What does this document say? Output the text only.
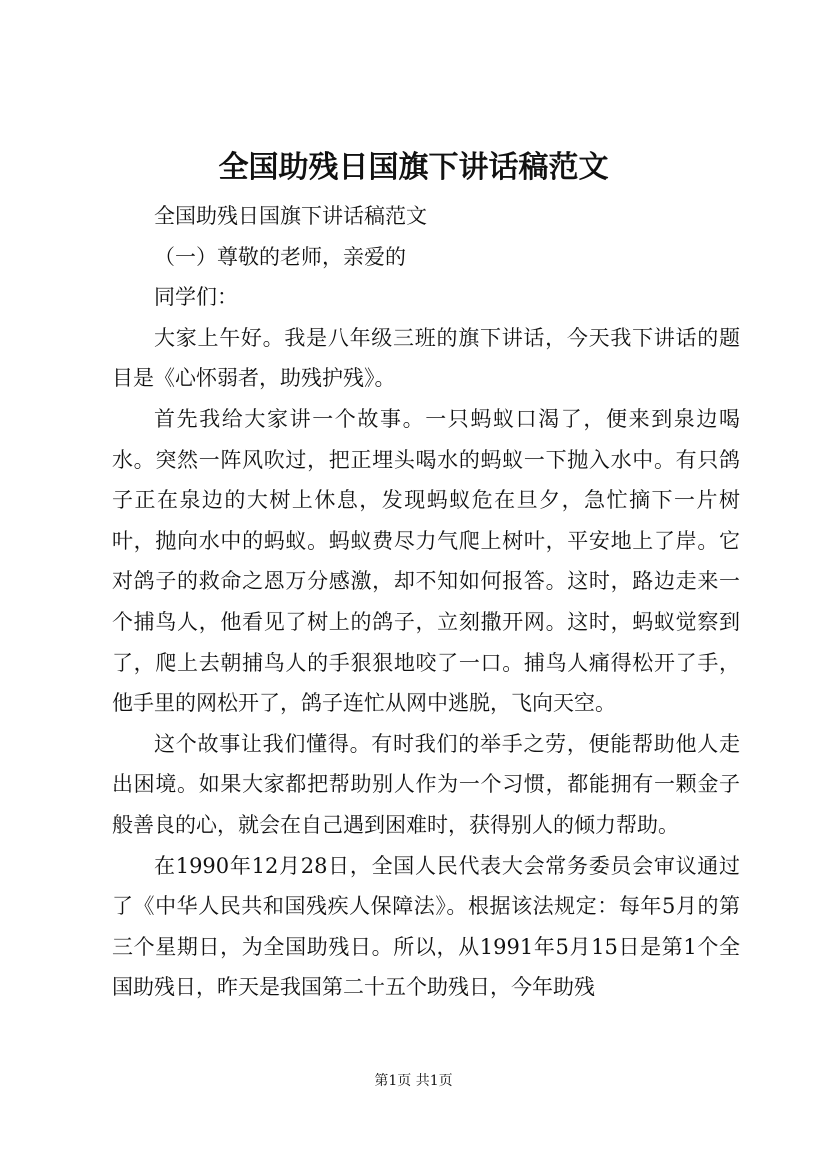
全国助残日国旗下讲话稿范文

全国助残日国旗下讲话稿范文

（一）尊敬的老师，亲爱的

同学们：

大家上午好。我是八年级三班的旗下讲话，今天我下讲话的题目是《心怀弱者，助残护残》。

首先我给大家讲一个故事。一只蚂蚁口渴了，便来到泉边喝水。突然一阵风吹过，把正埋头喝水的蚂蚁一下抛入水中。有只鸽子正在泉边的大树上休息，发现蚂蚁危在旦夕，急忙摘下一片树叶，抛向水中的蚂蚁。蚂蚁费尽力气爬上树叶，平安地上了岸。它对鸽子的救命之恩万分感激，却不知如何报答。这时，路边走来一个捕鸟人，他看见了树上的鸽子，立刻撒开网。这时，蚂蚁觉察到了，爬上去朝捕鸟人的手狠狠地咬了一口。捕鸟人痛得松开了手，他手里的网松开了，鸽子连忙从网中逃脱，飞向天空。

这个故事让我们懂得。有时我们的举手之劳，便能帮助他人走出困境。如果大家都把帮助别人作为一个习惯，都能拥有一颗金子般善良的心，就会在自己遇到困难时，获得别人的倾力帮助。

在1990年12月28日，全国人民代表大会常务委员会审议通过了《中华人民共和国残疾人保障法》。根据该法规定：每年5月的第三个星期日，为全国助残日。所以，从1991年5月15日是第1个全国助残日，昨天是我国第二十五个助残日，今年助残

第1页 共1页
